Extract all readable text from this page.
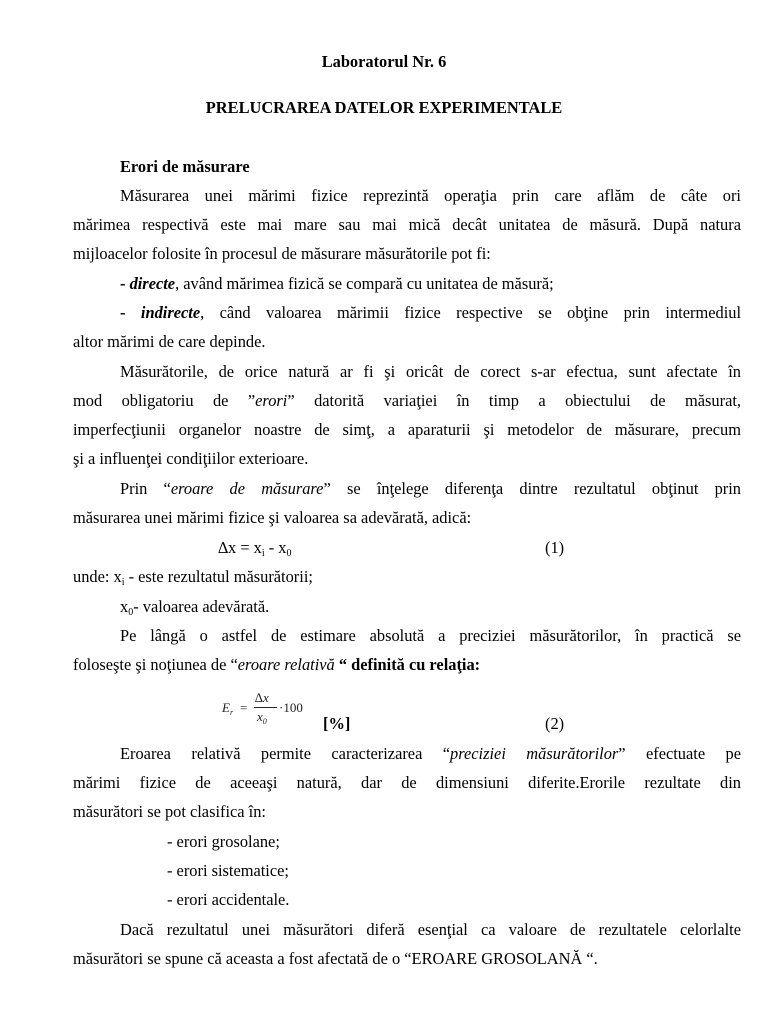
Laboratorul Nr. 6
PRELUCRAREA DATELOR EXPERIMENTALE
Erori de măsurare
Măsurarea unei mărimi fizice reprezintă operaţia prin care aflăm de câte ori
mărimea respectivă este mai mare sau mai mică decât unitatea de măsură. După natura
mijloacelor folosite în procesul de măsurare măsurătorile pot fi:
- directe, având mărimea fizică se compară cu unitatea de măsură;
- indirecte, când valoarea mărimii fizice respective se obţine prin intermediul
altor mărimi de care depinde.
Măsurătorile, de orice natură ar fi şi oricât de corect s-ar efectua, sunt afectate în
mod obligatoriu de ”erori” datorită variaţiei în timp a obiectului de măsurat,
imperfecţiunii organelor noastre de simţ, a aparaturii şi metodelor de măsurare, precum
şi a influenţei condiţiilor exterioare.
Prin “eroare de măsurare” se înţelege diferenţa dintre rezultatul obţinut prin
măsurarea unei mărimi fizice şi valoarea sa adevărată, adică:
$\Delta x = x_i - x_0$	(1)
unde: $x_i$ - este rezultatul măsurătorii;
$x_0-$ valoarea adevărată.
Pe lângă o astfel de estimare absolută a preciziei măsurătorilor, în practică se
foloseşte şi noţiunea de “eroare relativă “ definită cu relaţia:
$E_r$ =
∆x
$x_0$
·100
[%]	(2)
Eroarea relativă permite caracterizarea “preciziei măsurătorilor” efectuate pe
mărimi fizice de aceeaşi natură, dar de dimensiuni diferite.Erorile rezultate din
măsurători se pot clasifica în:
- erori grosolane;
- erori sistematice;
- erori accidentale.
Dacă rezultatul unei măsurători diferă esenţial ca valoare de rezultatele celorlalte
măsurători se spune că aceasta a fost afectată de o “EROARE GROSOLANĂ “.
